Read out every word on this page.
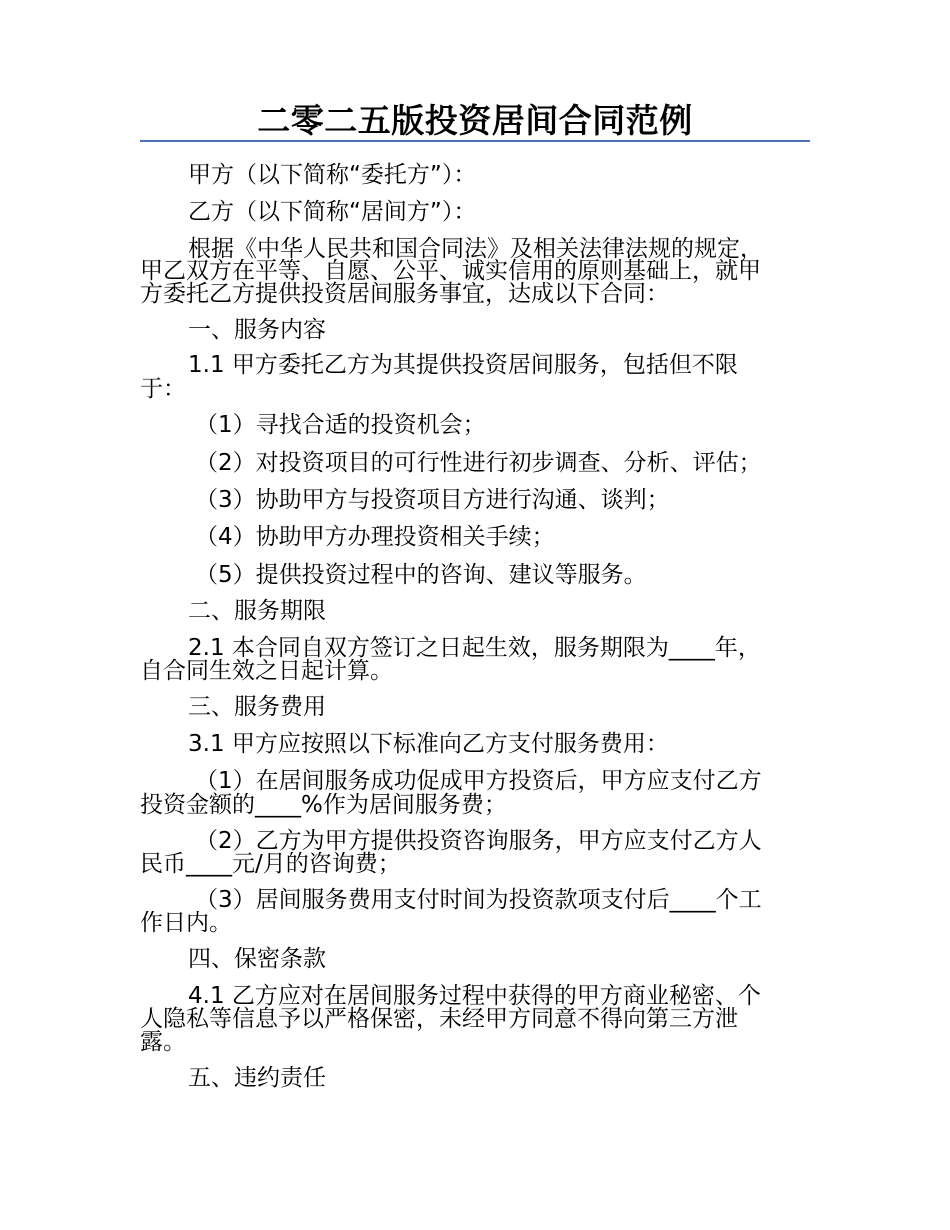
二零二五版投资居间合同范例
甲方（以下简称“委托方”）：
乙方（以下简称“居间方”）：
根据《中华人民共和国合同法》及相关法律法规的规定，
甲乙双方在平等、自愿、公平、诚实信用的原则基础上，就甲
方委托乙方提供投资居间服务事宜，达成以下合同：
一、服务内容
1.1 甲方委托乙方为其提供投资居间服务，包括但不限
于：
（1）寻找合适的投资机会；
（2）对投资项目的可行性进行初步调查、分析、评估；
（3）协助甲方与投资项目方进行沟通、谈判；
（4）协助甲方办理投资相关手续；
（5）提供投资过程中的咨询、建议等服务。
二、服务期限
2.1 本合同自双方签订之日起生效，服务期限为____年，
自合同生效之日起计算。
三、服务费用
3.1 甲方应按照以下标准向乙方支付服务费用：
（1）在居间服务成功促成甲方投资后，甲方应支付乙方
投资金额的____%作为居间服务费；
（2）乙方为甲方提供投资咨询服务，甲方应支付乙方人
民币____元/月的咨询费；
（3）居间服务费用支付时间为投资款项支付后____个工
作日内。
四、保密条款
4.1 乙方应对在居间服务过程中获得的甲方商业秘密、个
人隐私等信息予以严格保密，未经甲方同意不得向第三方泄
露。
五、违约责任
